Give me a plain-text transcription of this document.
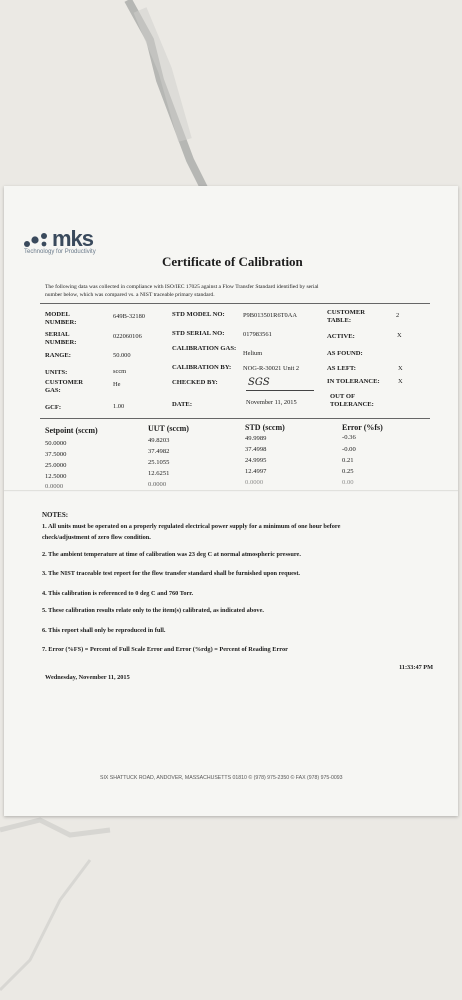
mks
Technology for Productivity
Certificate of Calibration
The following data was collected in compliance with ISO/IEC 17025 against a Flow Transfer Standard identified by serial
number below, which was compared vs. a NIST traceable primary standard.
MODEL NUMBER:
649B-32180
SERIAL NUMBER:
022060106
RANGE:	50.000
UNITS:	sccm
CUSTOMER GAS:
He
GCF:	1.00
STD MODEL NO:	P9B013501R6T0AA
STD SERIAL NO:	017983561
CALIBRATION GAS:
Helium
CALIBRATION BY: NOG-R-30021 Unit 2
CHECKED BY:	SGS
DATE:	November 11, 2015
CUSTOMER TABLE:
2
ACTIVE:	X
AS FOUND:
AS LEFT:	X
IN TOLERANCE:	X
OUT OF TOLERANCE:
Setpoint (sccm)	UUT (sccm)	STD (sccm)	Error (%fs)
50.0000	49.8203	49.9989	-0.36
37.5000	37.4982	37.4998	-0.00
25.0000	25.1055	24.9995	0.21
12.5000	12.6251	12.4997	0.25
0.0000	0.0000	0.0000	0.00
NOTES:
1. All units must be operated on a properly regulated electrical power supply for a minimum of one hour before
check/adjustment of zero flow condition.
2. The ambient temperature at time of calibration was 23 deg C at normal atmospheric pressure.
3. The NIST traceable test report for the flow transfer standard shall be furnished upon request.
4. This calibration is referenced to 0 deg C and 760 Torr.
5. These calibration results relate only to the item(s) calibrated, as indicated above.
6. This report shall only be reproduced in full.
7. Error (%FS) = Percent of Full Scale Error and Error (%rdg) = Percent of Reading Error
11:33:47 PM
Wednesday, November 11, 2015
SIX SHATTUCK ROAD, ANDOVER, MASSACHUSETTS 01810 © (978) 975-2350 © FAX (978) 975-0093
